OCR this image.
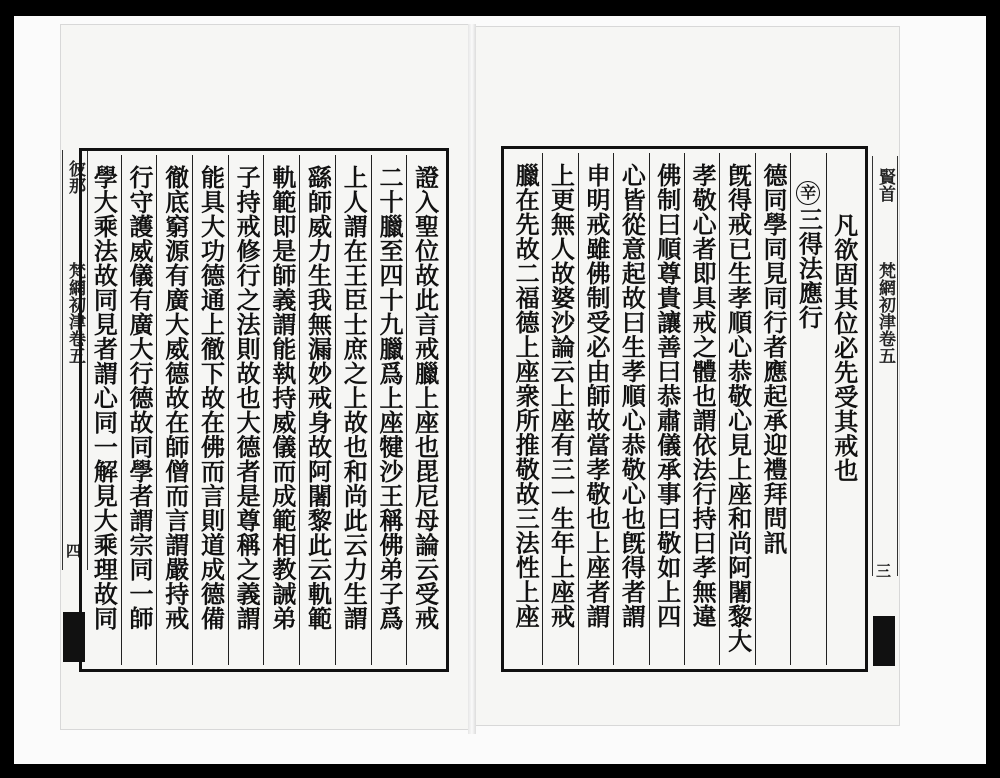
彼那
梵網初津卷五
四
賢首
梵網初津卷五
三
證入聖位故此言戒臘上座也毘尼母論云受戒
二十臘至四十九臘爲上座犍沙王稱佛弟子爲
上人謂在王臣士庶之上故也和尚此云力生謂
繇師威力生我無漏妙戒身故阿闍黎此云軌範
軌範即是師義謂能執持威儀而成範相教誡弟
子持戒修行之法則故也大德者是尊稱之義謂
能具大功德通上徹下故在佛而言則道成德備
徹底窮源有廣大威德故在師僧而言謂嚴持戒
行守護威儀有廣大行德故同學者謂宗同一師
學大乘法故同見者謂心同一解見大乘理故同	凡欲固其位必先受其戒也
辛
三得法應行
德同學同見同行者應起承迎禮拜問訊
旣得戒已生孝順心恭敬心見上座和尚阿闍黎大
孝敬心者即具戒之體也謂依法行持曰孝無違
佛制曰順尊貴讓善曰恭肅儀承事曰敬如上四
心皆從意起故曰生孝順心恭敬心也旣得者謂
申明戒雖佛制受必由師故當孝敬也上座者謂
上更無人故婆沙論云上座有三一生年上座戒
臘在先故二福德上座衆所推敬故三法性上座
